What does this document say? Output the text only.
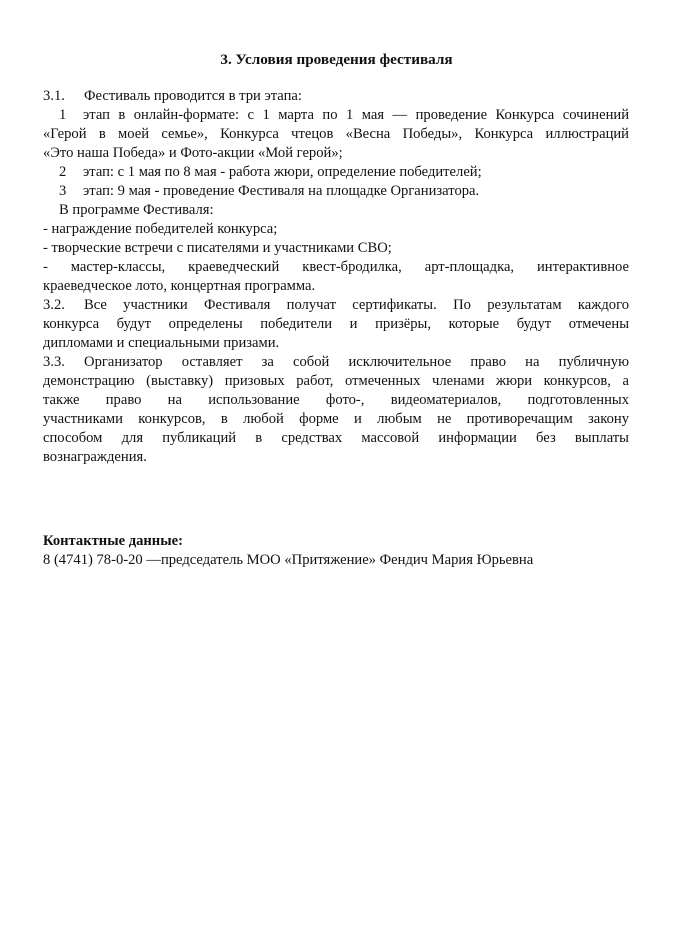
3. Условия проведения фестиваля
3.1. Фестиваль проводится в три этапа:
1 этап в онлайн-формате: с 1 марта по 1 мая — проведение Конкурса сочинений
«Герой в моей семье», Конкурса чтецов «Весна Победы», Конкурса иллюстраций
«Это наша Победа» и Фото-акции «Мой герой»;
2 этап: с 1 мая по 8 мая - работа жюри, определение победителей;
3 этап: 9 мая - проведение Фестиваля на площадке Организатора.
В программе Фестиваля:
- награждение победителей конкурса;
- творческие встречи с писателями и участниками СВО;
- мастер-классы, краеведческий квест-бродилка, арт-площадка, интерактивное
краеведческое лото, концертная программа.
3.2. Все участники Фестиваля получат сертификаты. По результатам каждого
конкурса будут определены победители и призёры, которые будут отмечены
дипломами и специальными призами.
3.3. Организатор оставляет за собой исключительное право на публичную
демонстрацию (выставку) призовых работ, отмеченных членами жюри конкурсов, а
также право на использование фото-, видеоматериалов, подготовленных
участниками конкурсов, в любой форме и любым не противоречащим закону
способом для публикаций в средствах массовой информации без выплаты
вознаграждения.
Контактные данные:
8 (4741) 78-0-20 —председатель МОО «Притяжение» Фендич Мария Юрьевна
